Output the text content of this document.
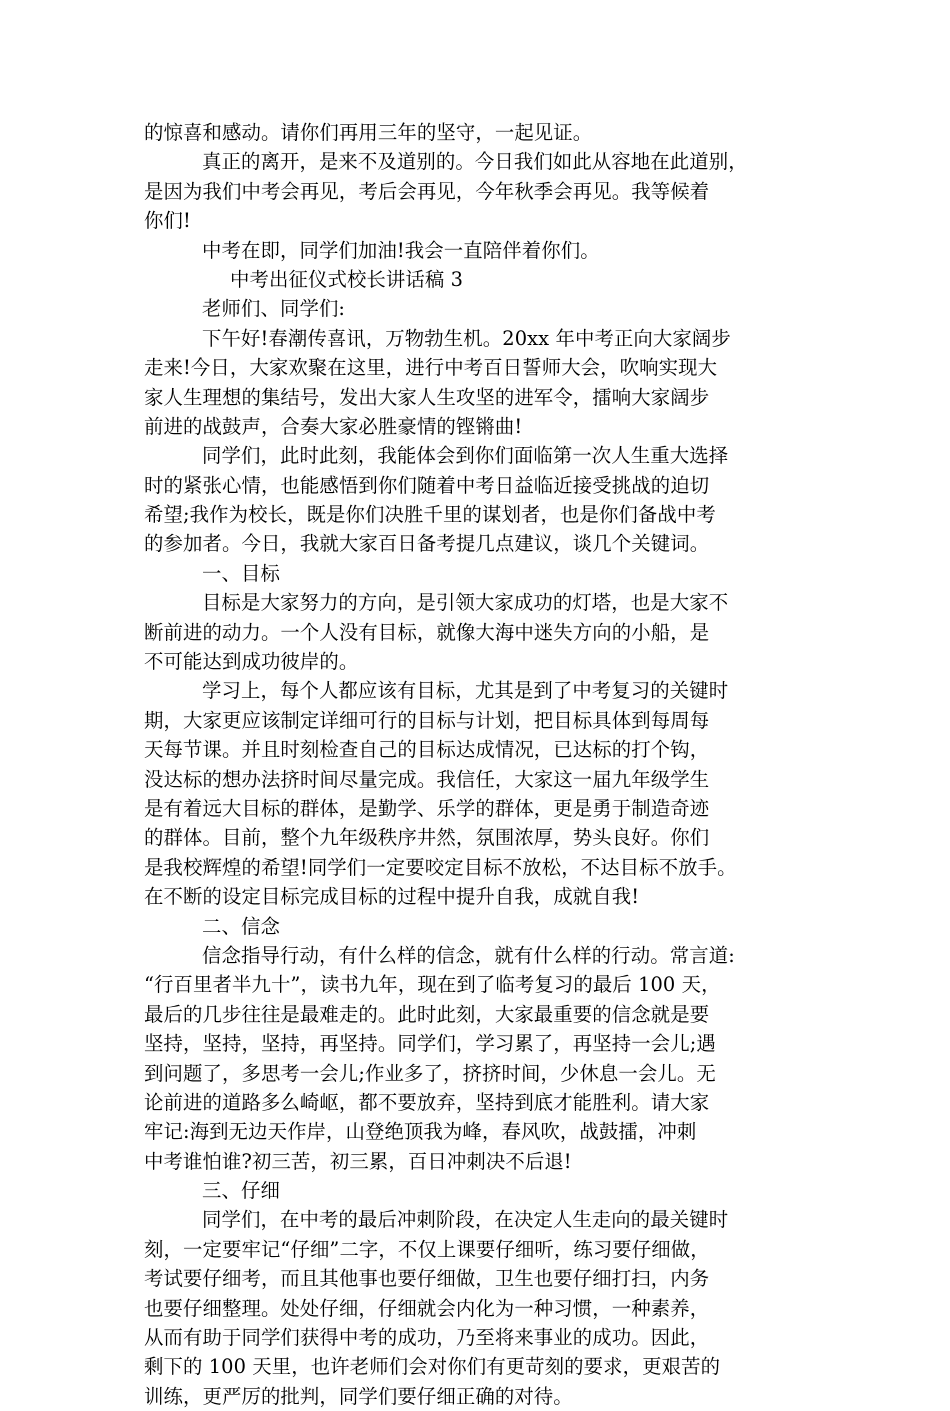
的惊喜和感动。请你们再用三年的坚守，一起见证。
真正的离开，是来不及道别的。今日我们如此从容地在此道别，
是因为我们中考会再见，考后会再见，今年秋季会再见。我等候着
你们!
中考在即，同学们加油!我会一直陪伴着你们。
中考出征仪式校长讲话稿 3
老师们、同学们:
下午好!春潮传喜讯，万物勃生机。20xx 年中考正向大家阔步
走来!今日，大家欢聚在这里，进行中考百日誓师大会，吹响实现大
家人生理想的集结号，发出大家人生攻坚的进军令，擂响大家阔步
前进的战鼓声，合奏大家必胜豪情的铿锵曲!
同学们，此时此刻，我能体会到你们面临第一次人生重大选择
时的紧张心情，也能感悟到你们随着中考日益临近接受挑战的迫切
希望;我作为校长，既是你们决胜千里的谋划者，也是你们备战中考
的参加者。今日，我就大家百日备考提几点建议，谈几个关键词。
一、目标
目标是大家努力的方向，是引领大家成功的灯塔，也是大家不
断前进的动力。一个人没有目标，就像大海中迷失方向的小船，是
不可能达到成功彼岸的。
学习上，每个人都应该有目标，尤其是到了中考复习的关键时
期，大家更应该制定详细可行的目标与计划，把目标具体到每周每
天每节课。并且时刻检查自己的目标达成情况，已达标的打个钩，
没达标的想办法挤时间尽量完成。我信任，大家这一届九年级学生
是有着远大目标的群体，是勤学、乐学的群体，更是勇于制造奇迹
的群体。目前，整个九年级秩序井然，氛围浓厚，势头良好。你们
是我校辉煌的希望!同学们一定要咬定目标不放松，不达目标不放手。
在不断的设定目标完成目标的过程中提升自我，成就自我!
二、信念
信念指导行动，有什么样的信念，就有什么样的行动。常言道:
“行百里者半九十”，读书九年，现在到了临考复习的最后 100 天，
最后的几步往往是最难走的。此时此刻，大家最重要的信念就是要
坚持，坚持，坚持，再坚持。同学们，学习累了，再坚持一会儿;遇
到问题了，多思考一会儿;作业多了，挤挤时间，少休息一会儿。无
论前进的道路多么崎岖，都不要放弃，坚持到底才能胜利。请大家
牢记:海到无边天作岸，山登绝顶我为峰，春风吹，战鼓擂，冲刺
中考谁怕谁?初三苦，初三累，百日冲刺决不后退!
三、仔细
同学们，在中考的最后冲刺阶段，在决定人生走向的最关键时
刻，一定要牢记“仔细”二字，不仅上课要仔细听，练习要仔细做，
考试要仔细考，而且其他事也要仔细做，卫生也要仔细打扫，内务
也要仔细整理。处处仔细，仔细就会内化为一种习惯，一种素养，
从而有助于同学们获得中考的成功，乃至将来事业的成功。因此，
剩下的 100 天里，也许老师们会对你们有更苛刻的要求，更艰苦的
训练，更严厉的批判，同学们要仔细正确的对待。
